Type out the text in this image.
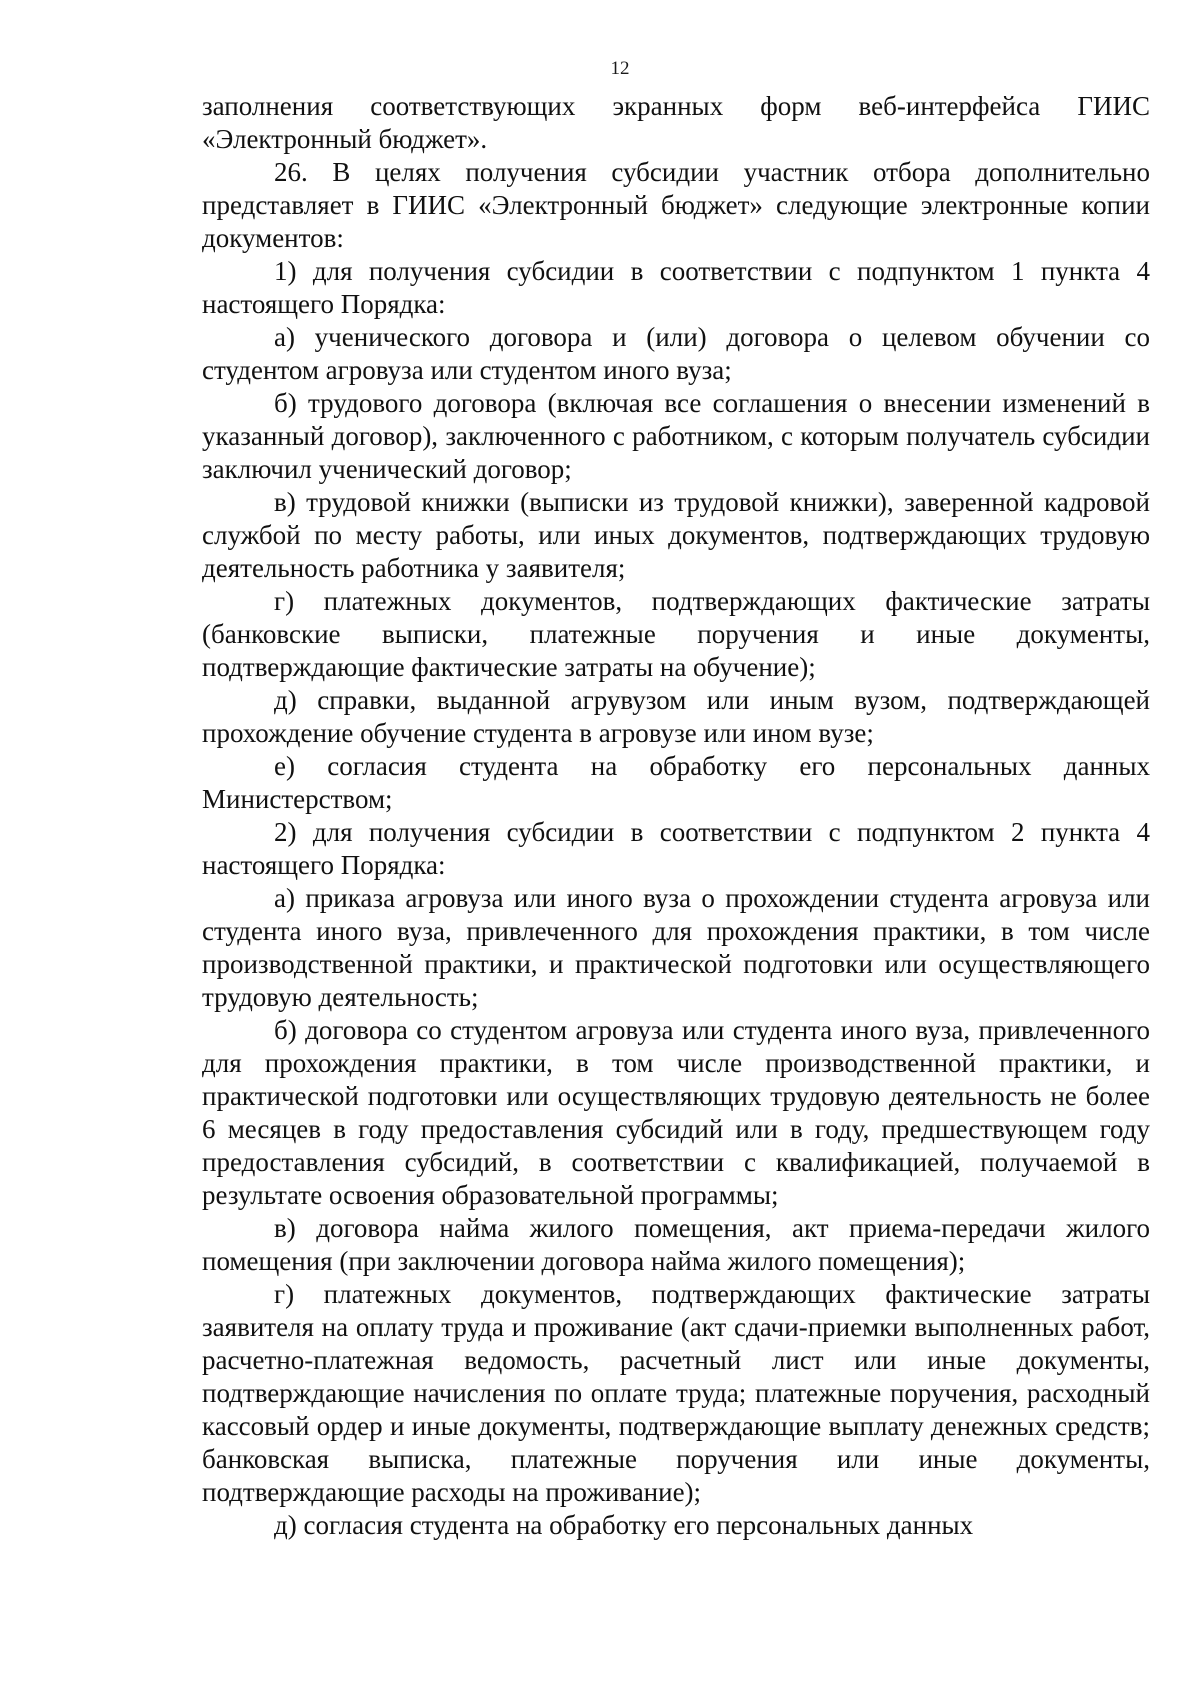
12

заполнения соответствующих экранных форм веб-интерфейса ГИИС «Электронный бюджет».

26. В целях получения субсидии участник отбора дополнительно представляет в ГИИС «Электронный бюджет» следующие электронные копии документов:

1) для получения субсидии в соответствии с подпунктом 1 пункта 4 настоящего Порядка:

а) ученического договора и (или) договора о целевом обучении со студентом агровуза или студентом иного вуза;

б) трудового договора (включая все соглашения о внесении изменений в указанный договор), заключенного с работником, с которым получатель субсидии заключил ученический договор;

в) трудовой книжки (выписки из трудовой книжки), заверенной кадровой службой по месту работы, или иных документов, подтверждающих трудовую деятельность работника у заявителя;

г) платежных документов, подтверждающих фактические затраты (банковские выписки, платежные поручения и иные документы, подтверждающие фактические затраты на обучение);

д) справки, выданной агрувузом или иным вузом, подтверждающей прохождение обучение студента в агровузе или ином вузе;

е) согласия студента на обработку его персональных данных Министерством;

2) для получения субсидии в соответствии с подпунктом 2 пункта 4 настоящего Порядка:

а) приказа агровуза или иного вуза о прохождении студента агровуза или студента иного вуза, привлеченного для прохождения практики, в том числе производственной практики, и практической подготовки или осуществляющего трудовую деятельность;

б) договора со студентом агровуза или студента иного вуза, привлеченного для прохождения практики, в том числе производственной практики, и практической подготовки или осуществляющих трудовую деятельность не более 6 месяцев в году предоставления субсидий или в году, предшествующем году предоставления субсидий, в соответствии с квалификацией, получаемой в результате освоения образовательной программы;

в) договора найма жилого помещения, акт приема-передачи жилого помещения (при заключении договора найма жилого помещения);

г) платежных документов, подтверждающих фактические затраты заявителя на оплату труда и проживание (акт сдачи-приемки выполненных работ, расчетно-платежная ведомость, расчетный лист или иные документы, подтверждающие начисления по оплате труда; платежные поручения, расходный кассовый ордер и иные документы, подтверждающие выплату денежных средств; банковская выписка, платежные поручения или иные документы, подтверждающие расходы на проживание);

д) согласия студента на обработку его персональных данных
